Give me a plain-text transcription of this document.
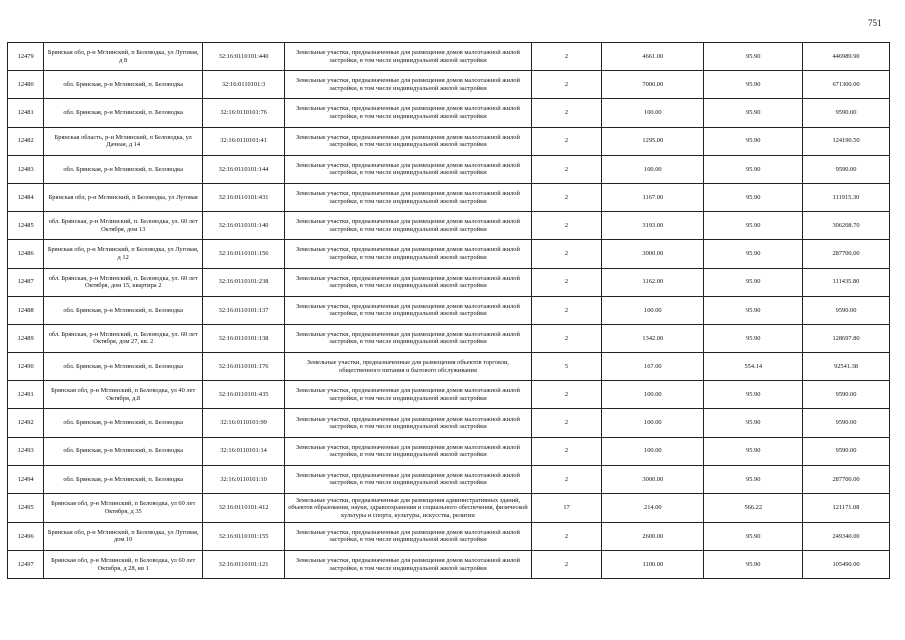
751
12479	Брянская обл, р-н Мглинский, п Беловодка, ул Луговая, д 8	32:16:0110101:440	Земельные участки, предназначенные для размещения домов малоэтажной жилой застройки, в том числе индивидуальной жилой застройки	2	4661.00	95.90	446989.90
12480	обл. Брянская, р-н Мглинский, п. Беловодка	32:16:0110101:3	Земельные участки, предназначенные для размещения домов малоэтажной жилой застройки, в том числе индивидуальной жилой застройки	2	7000.00	95.90	671300.00
12481	обл. Брянская, р-н Мглинский, п. Беловодка	32:16:0110101:76	Земельные участки, предназначенные для размещения домов малоэтажной жилой застройки, в том числе индивидуальной жилой застройки	2	100.00	95.90	9590.00
12482	Брянская область, р-н Мглинский, п Беловодка, ул Дачная, д 14	32:16:0110101:41	Земельные участки, предназначенные для размещения домов малоэтажной жилой застройки, в том числе индивидуальной жилой застройки	2	1295.00	95.90	124190.50
12483	обл. Брянская, р-н Мглинский, п. Беловодка	32:16:0110101:144	Земельные участки, предназначенные для размещения домов малоэтажной жилой застройки, в том числе индивидуальной жилой застройки	2	100.00	95.90	9590.00
12484	Брянская обл, р-н Мглинский, п Беловодка, ул Луговая	32:16:0110101:431	Земельные участки, предназначенные для размещения домов малоэтажной жилой застройки, в том числе индивидуальной жилой застройки	2	1167.00	95.90	111915.30
12485	обл. Брянская, р-н Мглинский, п. Беловодка, ул. 60 лет Октября, дом 13	32:16:0110101:140	Земельные участки, предназначенные для размещения домов малоэтажной жилой застройки, в том числе индивидуальной жилой застройки	2	3193.00	95.90	306208.70
12486	Брянская обл, р-н Мглинский, п Беловодка, ул Луговая, д 12	32:16:0110101:156	Земельные участки, предназначенные для размещения домов малоэтажной жилой застройки, в том числе индивидуальной жилой застройки	2	3000.00	95.90	287700.00
12487	обл. Брянская, р-н Мглинский, п. Беловодка, ул. 60 лет Октября, дом 15, квартира 2	32:16:0110101:238	Земельные участки, предназначенные для размещения домов малоэтажной жилой застройки, в том числе индивидуальной жилой застройки	2	1162.00	95.90	111435.80
12488	обл. Брянская, р-н Мглинский, п. Беловодка	32:16:0110101:137	Земельные участки, предназначенные для размещения домов малоэтажной жилой застройки, в том числе индивидуальной жилой застройки	2	100.00	95.90	9590.00
12489	обл. Брянская, р-н Мглинский, п. Беловодка, ул. 60 лет Октября, дом 27, кв. 2	32:16:0110101:138	Земельные участки, предназначенные для размещения домов малоэтажной жилой застройки, в том числе индивидуальной жилой застройки	2	1342.00	95.90	128697.80
12490	обл. Брянская, р-н Мглинский, п. Беловодка	32:16:0110101:176	Земельные участки, предназначенные для размещения объектов торговли, общественного питания и бытового обслуживания	5	167.00	554.14	92541.38
12491	Брянская обл, р-н Мглинский, п Беловодка, ул 40 лет Октября, д.8	32:16:0110101:435	Земельные участки, предназначенные для размещения домов малоэтажной жилой застройки, в том числе индивидуальной жилой застройки	2	100.00	95.90	9590.00
12492	обл. Брянская, р-н Мглинский, п. Беловодка	32:16:0110101:99	Земельные участки, предназначенные для размещения домов малоэтажной жилой застройки, в том числе индивидуальной жилой застройки	2	100.00	95.90	9590.00
12493	обл. Брянская, р-н Мглинский, п. Беловодка	32:16:0110101:14	Земельные участки, предназначенные для размещения домов малоэтажной жилой застройки, в том числе индивидуальной жилой застройки	2	100.00	95.90	9590.00
12494	обл. Брянская, р-н Мглинский, п. Беловодка	32:16:0110101:10	Земельные участки, предназначенные для размещения домов малоэтажной жилой застройки, в том числе индивидуальной жилой застройки	2	3000.00	95.90	287700.00
12495	Брянская обл, р-н Мглинский, п Беловодка, ул 60 лет Октября, д 35	32:16:0110101:412	Земельные участки, предназначенные для размещения административных зданий, объектов образования, науки, здравоохранения и социального обеспечения, физической культуры и спорта, культуры, искусства, религии	17	214.00	566.22	121171.08
12496	Брянская обл, р-н Мглинский, п Беловодка, ул Луговая, дом 10	32:16:0110101:155	Земельные участки, предназначенные для размещения домов малоэтажной жилой застройки, в том числе индивидуальной жилой застройки	2	2600.00	95.90	249340.00
12497	Брянская обл, р-н Мглинский, п Беловодка, ул 60 лет Октября, д 28, кв 1	32:16:0110101:121	Земельные участки, предназначенные для размещения домов малоэтажной жилой застройки, в том числе индивидуальной жилой застройки	2	1100.00	95.90	105490.00
